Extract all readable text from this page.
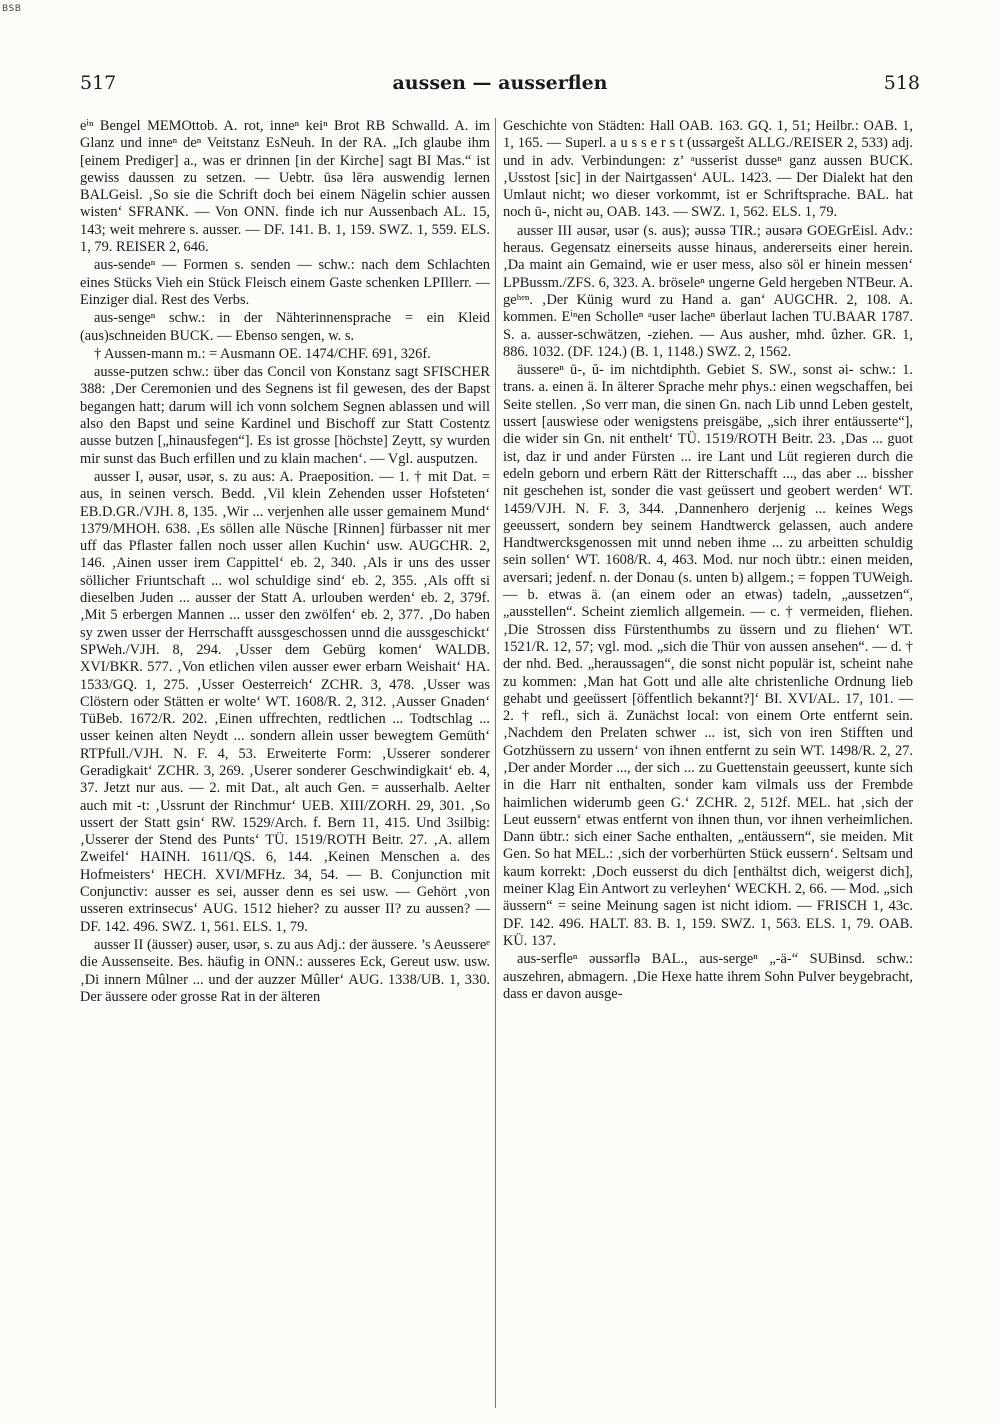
BSB
517	aussen — ausserflen	518

eⁱⁿ Bengel MEMOttob. A. rot, inneⁿ keiⁿ Brot RB Schwalld. A. im Glanz und inneⁿ deⁿ Veitstanz EsNeuh. In der RA. „Ich glaube ihm [einem Prediger] a., was er drinnen [in der Kirche] sagt BI Mas.“ ist gewiss daussen zu setzen. — Uebtr. ūsə lērə auswendig lernen BALGeisl. ‚So sie die Schrift doch bei einem Nägelin schier aussen wisten‘ SFRANK. — Von ONN. finde ich nur Aussenbach AL. 15, 143; weit mehrere s. ausser. — DF. 141. B. 1, 159. SWZ. 1, 559. ELS. 1, 79. REISER 2, 646.

aus-sendeⁿ — Formen s. senden — schw.: nach dem Schlachten eines Stücks Vieh ein Stück Fleisch einem Gaste schenken LPIllerr. — Einziger dial. Rest des Verbs.

aus-sengeⁿ schw.: in der Nähterinnensprache = ein Kleid (aus)schneiden BUCK. — Ebenso sengen, w. s.

† Aussen-mann m.: = Ausmann OE. 1474/CHF. 691, 326f.

ausse-putzen schw.: über das Concil von Konstanz sagt SFISCHER 388: ‚Der Ceremonien und des Segnens ist fil gewesen, des der Bapst begangen hatt; darum will ich vonn solchem Segnen ablassen und will also den Bapst und seine Kardinel und Bischoff zur Statt Costentz ausse butzen [„hinausfegen“]. Es ist grosse [höchste] Zeytt, sy wurden mir sunst das Buch erfillen und zu klain machen‘. — Vgl. ausputzen.

ausser I, əusər, usər, s. zu aus: A. Praeposition. — 1. † mit Dat. = aus, in seinen versch. Bedd. ‚Vil klein Zehenden usser Hofsteten‘ EB.D.GR./VJH. 8, 135. ‚Wir ... verjenhen alle usser gemainem Mund‘ 1379/MHOH. 638. ‚Es söllen alle Nüsche [Rinnen] fürbasser nit mer uff das Pflaster fallen noch usser allen Kuchin‘ usw. AUGCHR. 2, 146. ‚Ainen usser irem Cappittel‘ eb. 2, 340. ‚Als ir uns des usser söllicher Friuntschaft ... wol schuldige sind‘ eb. 2, 355. ‚Als offt si dieselben Juden ... ausser der Statt A. urlouben werden‘ eb. 2, 379f. ‚Mit 5 erbergen Mannen ... usser den zwölfen‘ eb. 2, 377. ‚Do haben sy zwen usser der Herrschafft aussgeschossen unnd die aussgeschickt‘ SPWeh./VJH. 8, 294. ‚Usser dem Gebürg komen‘ WALDB. XVI/BKR. 577. ‚Von etlichen vilen ausser ewer erbarn Weishait‘ HA. 1533/GQ. 1, 275. ‚Usser Oesterreich‘ ZCHR. 3, 478. ‚Usser was Clöstern oder Stätten er wolte‘ WT. 1608/R. 2, 312. ‚Ausser Gnaden‘ TüBeb. 1672/R. 202. ‚Einen uffrechten, redtlichen ... Todtschlag ... usser keinen alten Neydt ... sondern allein usser bewegtem Gemüth‘ RTPfull./VJH. N. F. 4, 53. Erweiterte Form: ‚Usserer sonderer Geradigkait‘ ZCHR. 3, 269. ‚Userer sonderer Geschwindigkait‘ eb. 4, 37. Jetzt nur aus. — 2. mit Dat., alt auch Gen. = ausserhalb. Aelter auch mit -t: ‚Ussrunt der Rinchmur‘ UEB. XIII/ZORH. 29, 301. ‚So ussert der Statt gsin‘ RW. 1529/Arch. f. Bern 11, 415. Und 3silbig: ‚Usserer der Stend des Punts‘ TÜ. 1519/ROTH Beitr. 27. ‚A. allem Zweifel‘ HAINH. 1611/QS. 6, 144. ‚Keinen Menschen a. des Hofmeisters‘ HECH. XVI/MFHz. 34, 54. — B. Conjunction mit Conjunctiv: ausser es sei, ausser denn es sei usw. — Gehört ‚von usseren extrinsecus‘ AUG. 1512 hieher? zu ausser II? zu aussen? — DF. 142. 496. SWZ. 1, 561. ELS. 1, 79.

ausser II (äusser) əuser, usər, s. zu aus Adj.: der äussere. ’s Aeussereᵉ die Aussenseite. Bes. häufig in ONN.: ausseres Eck, Gereut usw. usw. ‚Di innern Mûlner ... und der auzzer Mûller‘ AUG. 1338/UB. 1, 330. Der äussere oder grosse Rat in der älteren

Geschichte von Städten: Hall OAB. 163. GQ. 1, 51; Heilbr.: OAB. 1, 1, 165. — Superl. a u s s e r s t (ussərgešt ALLG./REISER 2, 533) adj. und in adv. Verbindungen: z’ ᵃusserist dusseⁿ ganz aussen BUCK. ‚Usstost [sic] in der Nairtgassen‘ AUL. 1423. — Der Dialekt hat den Umlaut nicht; wo dieser vorkommt, ist er Schriftsprache. BAL. hat noch ū-, nicht əu, OAB. 143. — SWZ. 1, 562. ELS. 1, 79.

ausser III əusər, usər (s. aus); əussə TIR.; əusərə GOEGrEisl. Adv.: heraus. Gegensatz einerseits ausse hinaus, andererseits einer herein. ‚Da maint ain Gemaind, wie er user mess, also söl er hinein messen‘ LPBussm./ZFS. 6, 323. A. bröseleⁿ ungerne Geld hergeben NTBeur. A. geʰᵉⁿ. ‚Der Künig wurd zu Hand a. gan‘ AUGCHR. 2, 108. A. kommen. Eⁱⁿen Scholleⁿ ᵃuser lacheⁿ überlaut lachen TU.BAAR 1787. S. a. ausser-schwätzen, -ziehen. — Aus ausher, mhd. ûzher. GR. 1, 886. 1032. (DF. 124.) (B. 1, 1148.) SWZ. 2, 1562.

äussereⁿ ū-, ŭ- im nichtdiphth. Gebiet S. SW., sonst əi- schw.: 1. trans. a. einen ä. In älterer Sprache mehr phys.: einen wegschaffen, bei Seite stellen. ‚So verr man, die sinen Gn. nach Lib unnd Leben gestelt, ussert [auswiese oder wenigstens preisgäbe, „sich ihrer entäusserte“], die wider sin Gn. nit enthelt‘ TÜ. 1519/ROTH Beitr. 23. ‚Das ... guot ist, daz ir und ander Fürsten ... ire Lant und Lüt regieren durch die edeln geborn und erbern Rätt der Ritterschafft ..., das aber ... bissher nit geschehen ist, sonder die vast geüssert und geobert werden‘ WT. 1459/VJH. N. F. 3, 344. ‚Dannenhero derjenig ... keines Wegs geeussert, sondern bey seinem Handtwerck gelassen, auch andere Handtwercksgenossen mit unnd neben ihme ... zu arbeitten schuldig sein sollen‘ WT. 1608/R. 4, 463. Mod. nur noch übtr.: einen meiden, aversari; jedenf. n. der Donau (s. unten b) allgem.; = foppen TUWeigh. — b. etwas ä. (an einem oder an etwas) tadeln, „aussetzen“, „ausstellen“. Scheint ziemlich allgemein. — c. † vermeiden, fliehen. ‚Die Strossen diss Fürstenthumbs zu üssern und zu fliehen‘ WT. 1521/R. 12, 57; vgl. mod. „sich die Thür von aussen ansehen“. — d. † der nhd. Bed. „heraussagen“, die sonst nicht populär ist, scheint nahe zu kommen: ‚Man hat Gott und alle alte christenliche Ordnung lieb gehabt und geeüssert [öffentlich bekannt?]‘ BI. XVI/AL. 17, 101. — 2. † refl., sich ä. Zunächst local: von einem Orte entfernt sein. ‚Nachdem den Prelaten schwer ... ist, sich von iren Stifften und Gotzhüssern zu ussern‘ von ihnen entfernt zu sein WT. 1498/R. 2, 27. ‚Der ander Morder ..., der sich ... zu Guettenstain geeussert, kunte sich in die Harr nit enthalten, sonder kam vilmals uss der Frembde haimlichen widerumb geen G.‘ ZCHR. 2, 512f. MEL. hat ‚sich der Leut eussern‘ etwas entfernt von ihnen thun, vor ihnen verheimlichen. Dann übtr.: sich einer Sache enthalten, „entäussern“, sie meiden. Mit Gen. So hat MEL.: ‚sich der vorberhürten Stück eussern‘. Seltsam und kaum korrekt: ‚Doch eusserst du dich [enthältst dich, weigerst dich], meiner Klag Ein Antwort zu verleyhen‘ WECKH. 2, 66. — Mod. „sich äussern“ = seine Meinung sagen ist nicht idiom. — FRISCH 1, 43c. DF. 142. 496. HALT. 83. B. 1, 159. SWZ. 1, 563. ELS. 1, 79. OAB. KÜ. 137.

aus-serfleⁿ əussərflə BAL., aus-sergeⁿ „-ä-“ SUBinsd. schw.: auszehren, abmagern. ‚Die Hexe hatte ihrem Sohn Pulver beygebracht, dass er davon ausge-
